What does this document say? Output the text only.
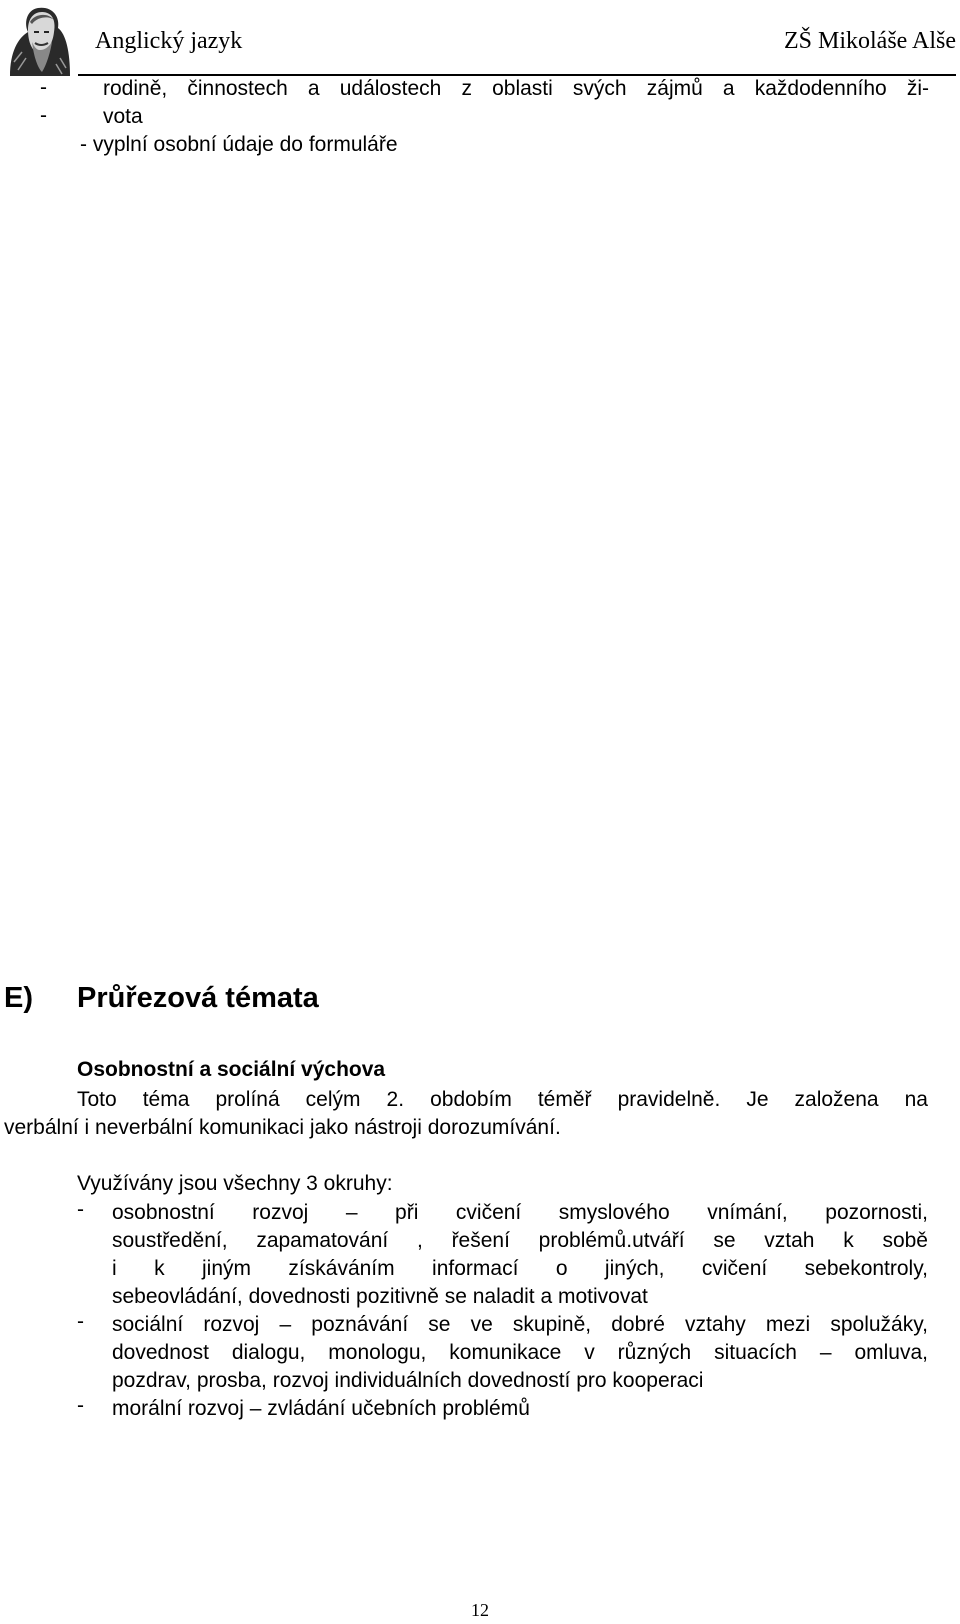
Anglický jazyk	ZŠ Mikoláše Alše
-
-
rodině, činnostech a událostech z oblasti svých zájmů a každodenního ži-
vota
- vyplní osobní údaje do formuláře
E) Průřezová témata
Osobnostní a sociální výchova
Toto téma prolíná celým 2. obdobím téměř pravidelně. Je založena na
verbální i neverbální komunikaci jako nástroji dorozumívání.
Využívány jsou všechny 3 okruhy:
- osobnostní rozvoj – při cvičení smyslového vnímání, pozornosti,
soustředění, zapamatování , řešení problémů.utváří se vztah k sobě
i k jiným získáváním informací o jiných, cvičení sebekontroly,
sebeovládání, dovednosti pozitivně se naladit a motivovat
- sociální rozvoj – poznávání se ve skupině, dobré vztahy mezi spolužáky,
dovednost dialogu, monologu, komunikace v různých situacích – omluva,
pozdrav, prosba, rozvoj individuálních dovedností pro kooperaci
- morální rozvoj – zvládání učebních problémů
12
